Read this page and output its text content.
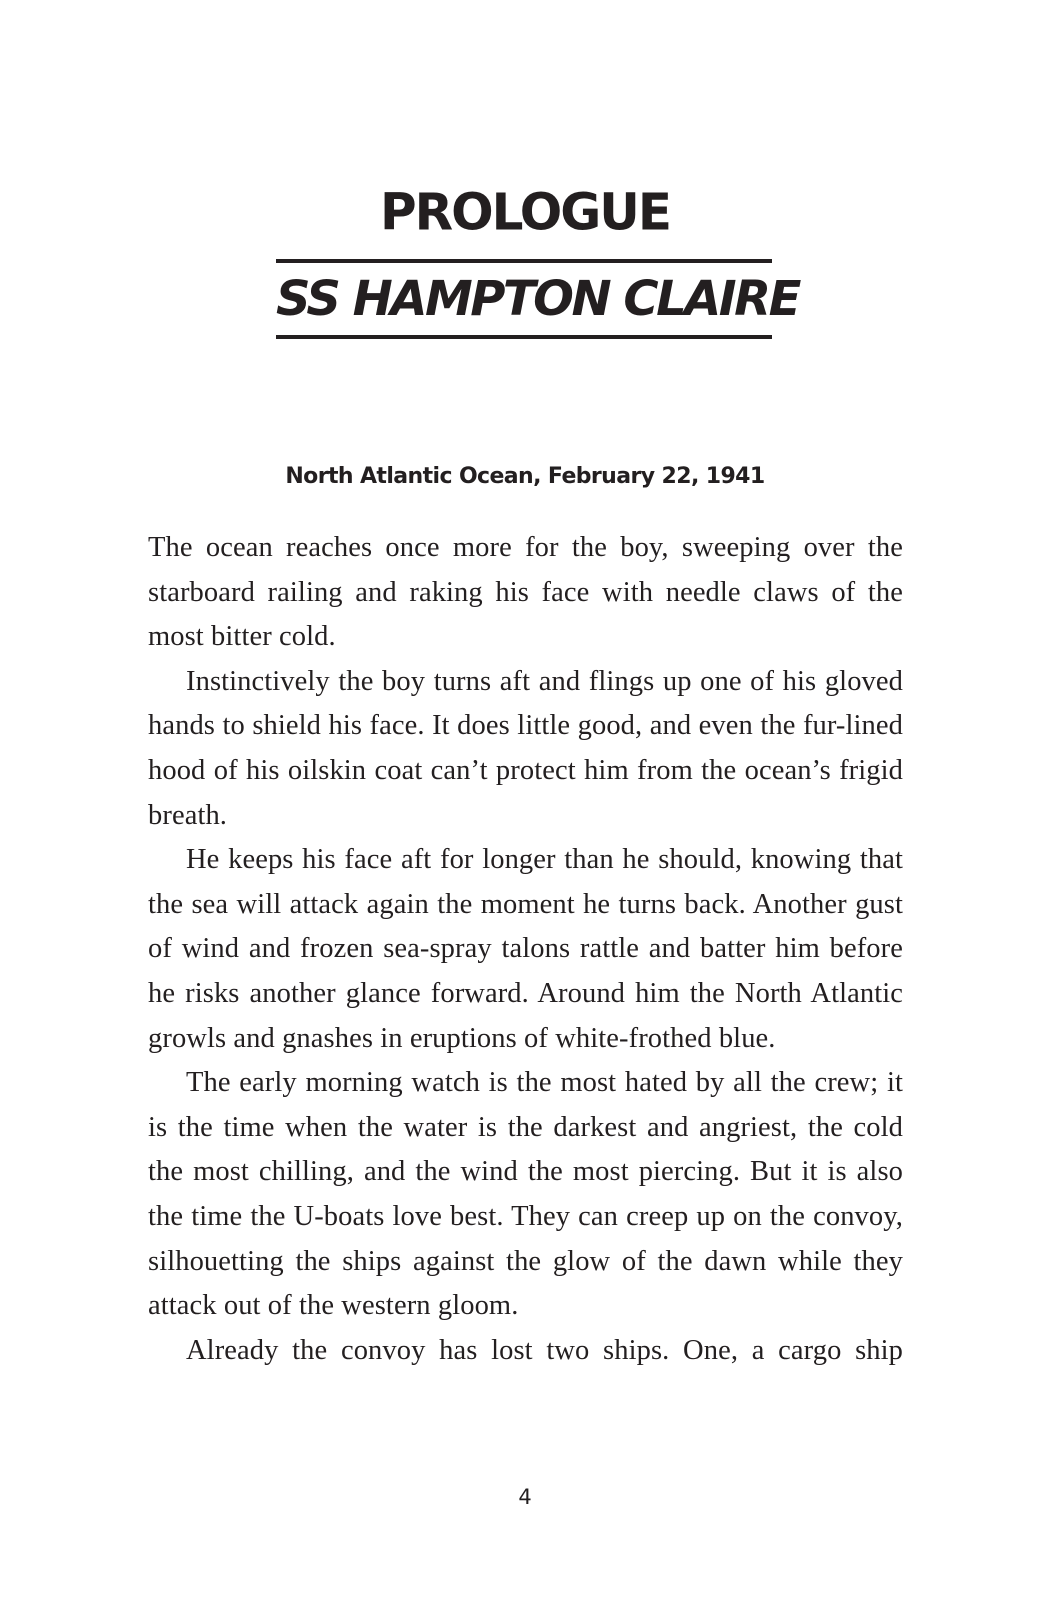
PROLOGUE
SS HAMPTON CLAIRE
North Atlantic Ocean, February 22, 1941

The ocean reaches once more for the boy, sweeping over the starboard railing and raking his face with needle claws of the most bitter cold.

Instinctively the boy turns aft and flings up one of his gloved hands to shield his face. It does little good, and even the fur-lined hood of his oilskin coat can’t protect him from the ocean’s frigid breath.

He keeps his face aft for longer than he should, knowing that the sea will attack again the moment he turns back. Another gust of wind and frozen sea-spray talons rattle and batter him before he risks another glance forward. Around him the North Atlantic growls and gnashes in eruptions of white-frothed blue.

The early morning watch is the most hated by all the crew; it is the time when the water is the darkest and angriest, the cold the most chilling, and the wind the most piercing. But it is also the time the U-boats love best. They can creep up on the convoy, silhouetting the ships against the glow of the dawn while they attack out of the western gloom.

Already the convoy has lost two ships. One, a cargo ship

4
